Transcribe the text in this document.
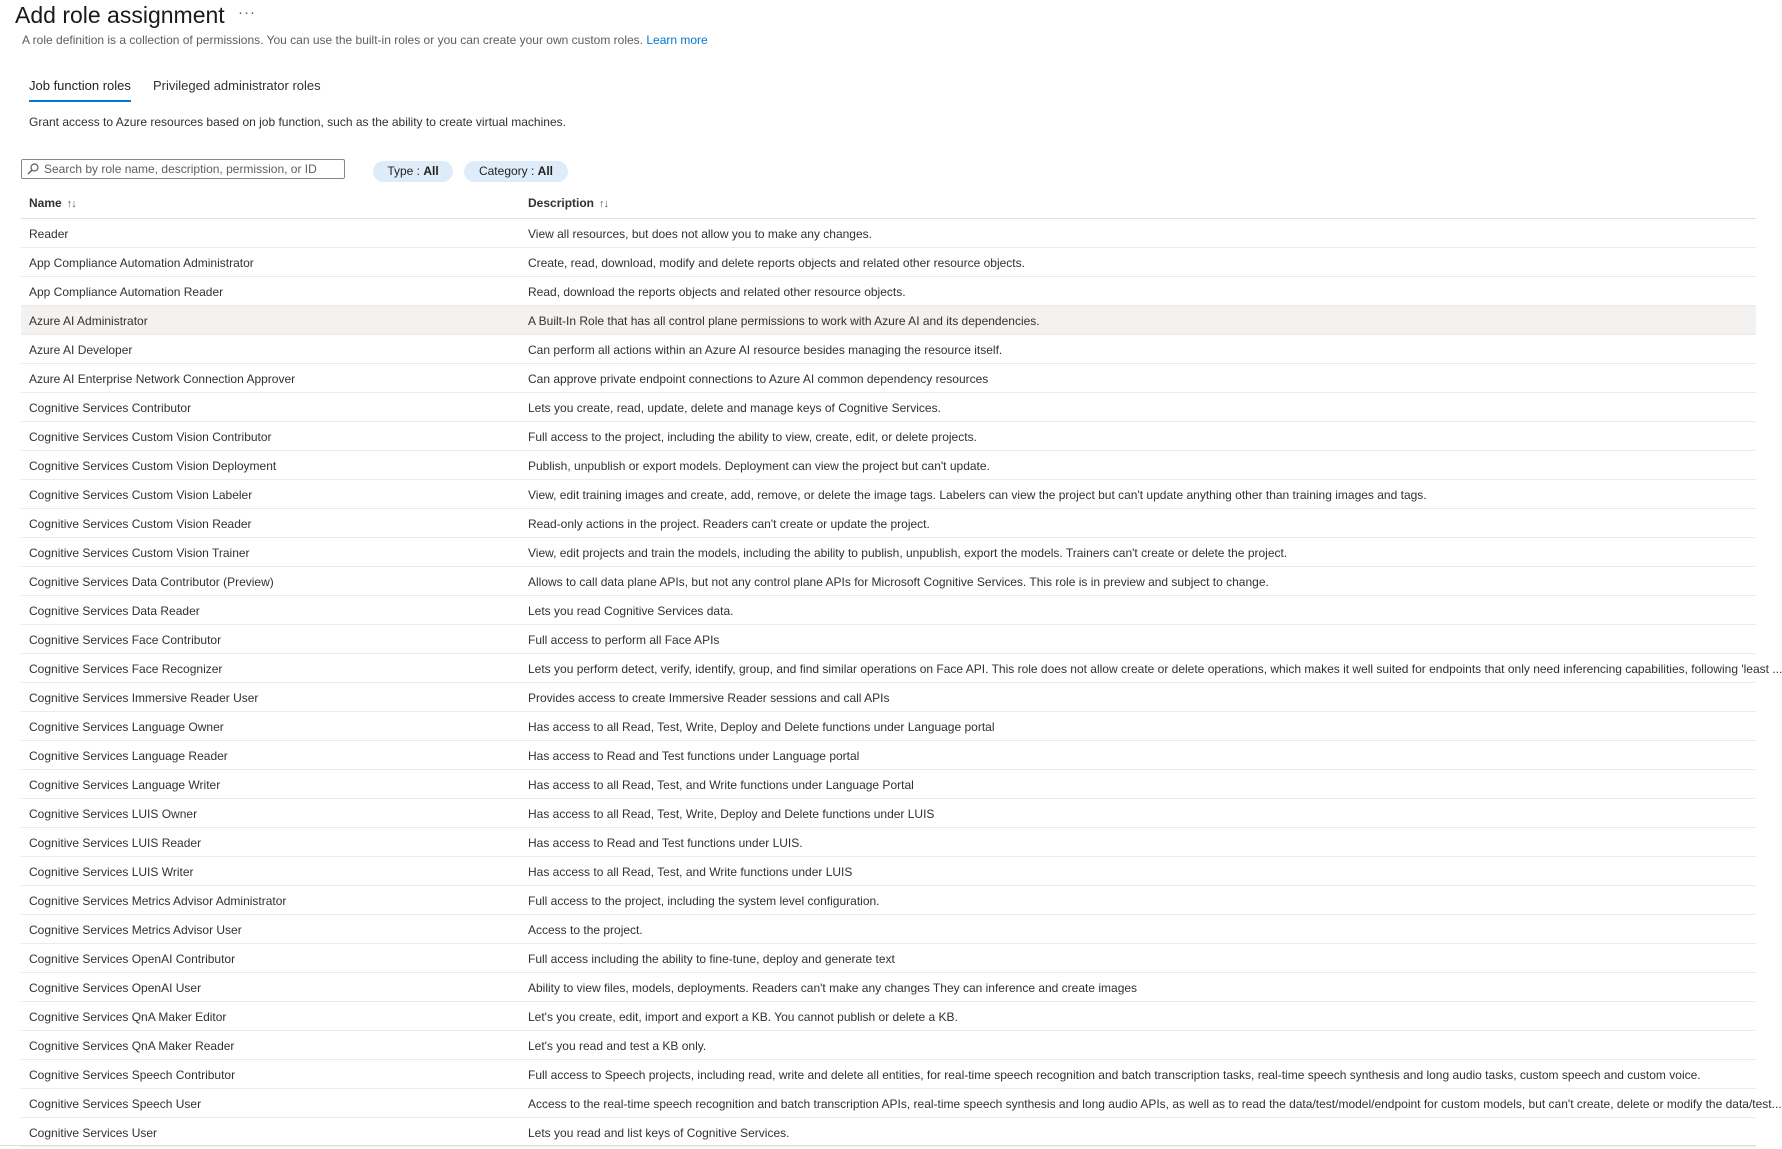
Add role assignment ···
A role definition is a collection of permissions. You can use the built-in roles or you can create your own custom roles. Learn more
Job function roles Privileged administrator roles
Grant access to Azure resources based on job function, such as the ability to create virtual machines.
Search by role name, description, permission, or ID
Type : All	Category : All
Name ↑↓	Description ↑↓
Reader	View all resources, but does not allow you to make any changes.
App Compliance Automation Administrator	Create, read, download, modify and delete reports objects and related other resource objects.
App Compliance Automation Reader	Read, download the reports objects and related other resource objects.
Azure AI Administrator	A Built-In Role that has all control plane permissions to work with Azure AI and its dependencies.
Azure AI Developer	Can perform all actions within an Azure AI resource besides managing the resource itself.
Azure AI Enterprise Network Connection Approver	Can approve private endpoint connections to Azure AI common dependency resources
Cognitive Services Contributor	Lets you create, read, update, delete and manage keys of Cognitive Services.
Cognitive Services Custom Vision Contributor	Full access to the project, including the ability to view, create, edit, or delete projects.
Cognitive Services Custom Vision Deployment	Publish, unpublish or export models. Deployment can view the project but can't update.
Cognitive Services Custom Vision Labeler	View, edit training images and create, add, remove, or delete the image tags. Labelers can view the project but can't update anything other than training images and tags.
Cognitive Services Custom Vision Reader	Read-only actions in the project. Readers can't create or update the project.
Cognitive Services Custom Vision Trainer	View, edit projects and train the models, including the ability to publish, unpublish, export the models. Trainers can't create or delete the project.
Cognitive Services Data Contributor (Preview)	Allows to call data plane APIs, but not any control plane APIs for Microsoft Cognitive Services. This role is in preview and subject to change.
Cognitive Services Data Reader	Lets you read Cognitive Services data.
Cognitive Services Face Contributor	Full access to perform all Face APIs
Cognitive Services Face Recognizer	Lets you perform detect, verify, identify, group, and find similar operations on Face API. This role does not allow create or delete operations, which makes it well suited for endpoints that only need inferencing capabilities, following 'least ...
Cognitive Services Immersive Reader User	Provides access to create Immersive Reader sessions and call APIs
Cognitive Services Language Owner	Has access to all Read, Test, Write, Deploy and Delete functions under Language portal
Cognitive Services Language Reader	Has access to Read and Test functions under Language portal
Cognitive Services Language Writer	Has access to all Read, Test, and Write functions under Language Portal
Cognitive Services LUIS Owner	Has access to all Read, Test, Write, Deploy and Delete functions under LUIS
Cognitive Services LUIS Reader	Has access to Read and Test functions under LUIS.
Cognitive Services LUIS Writer	Has access to all Read, Test, and Write functions under LUIS
Cognitive Services Metrics Advisor Administrator	Full access to the project, including the system level configuration.
Cognitive Services Metrics Advisor User	Access to the project.
Cognitive Services OpenAI Contributor	Full access including the ability to fine-tune, deploy and generate text
Cognitive Services OpenAI User	Ability to view files, models, deployments. Readers can't make any changes They can inference and create images
Cognitive Services QnA Maker Editor	Let's you create, edit, import and export a KB. You cannot publish or delete a KB.
Cognitive Services QnA Maker Reader	Let's you read and test a KB only.
Cognitive Services Speech Contributor	Full access to Speech projects, including read, write and delete all entities, for real-time speech recognition and batch transcription tasks, real-time speech synthesis and long audio tasks, custom speech and custom voice.
Cognitive Services Speech User	Access to the real-time speech recognition and batch transcription APIs, real-time speech synthesis and long audio APIs, as well as to read the data/test/model/endpoint for custom models, but can't create, delete or modify the data/test...
Cognitive Services User	Lets you read and list keys of Cognitive Services.
